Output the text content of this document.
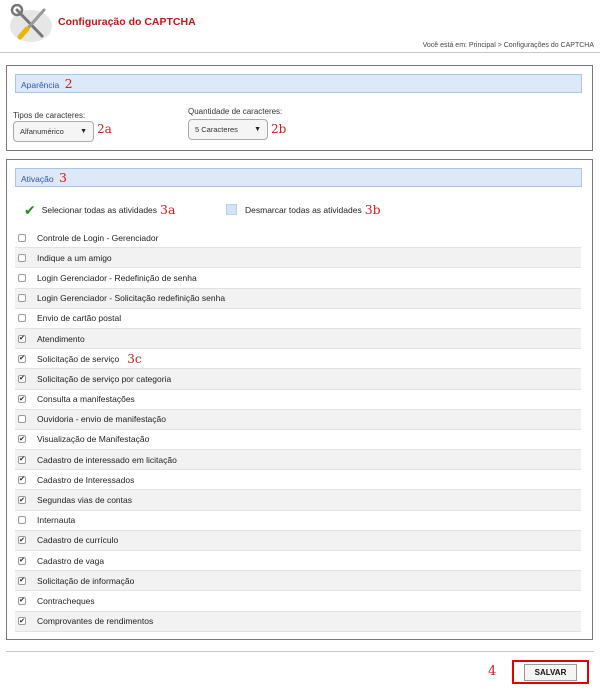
Configuração do CAPTCHA
Você está em: Principal > Configurações do CAPTCHA
Aparência 2
Tipos de caracteres:
Alfanumérico ▼ 2a
Quantidade de caracteres:
5 Caracteres ▼ 2b
Ativação 3
✔ Selecionar todas as atividades 3a	Desmarcar todas as atividades 3b
Controle de Login - Gerenciador
Indique a um amigo
Login Gerenciador - Redefinição de senha
Login Gerenciador - Solicitação redefinição senha
Envio de cartão postal
✔ Atendimento
✔ Solicitação de serviço 3c
✔ Solicitação de serviço por categoria
✔ Consulta a manifestações
Ouvidoria - envio de manifestação
✔ Visualização de Manifestação
✔ Cadastro de interessado em licitação
✔ Cadastro de Interessados
✔ Segundas vias de contas
Internauta
✔ Cadastro de currículo
✔ Cadastro de vaga
✔ Solicitação de informação
✔ Contracheques
✔ Comprovantes de rendimentos
4	SALVAR
